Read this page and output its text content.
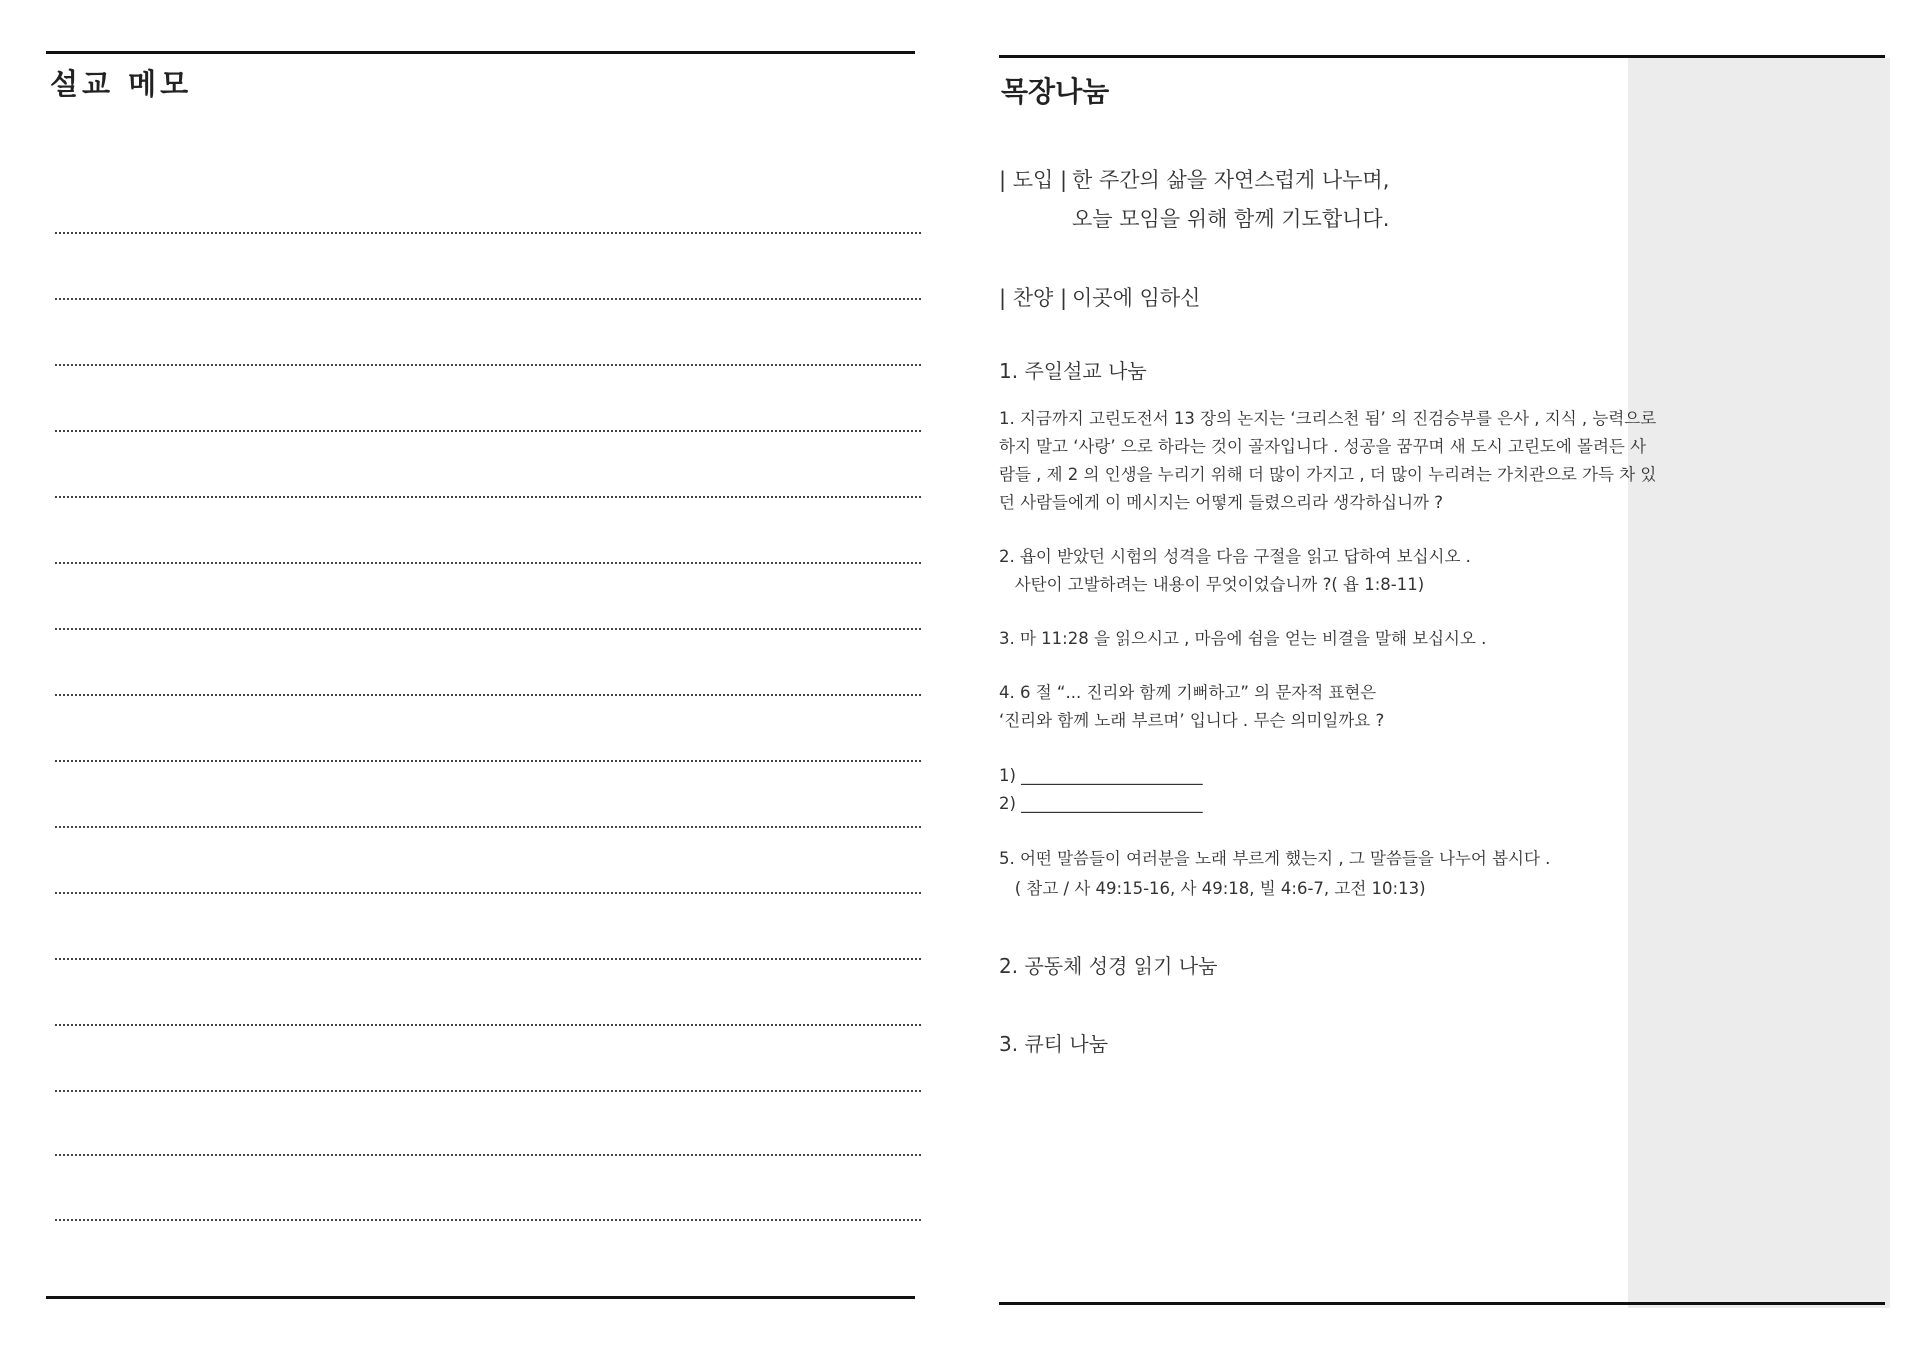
설교 메모	목장나눔
| 도입 | 한 주간의 삶을 자연스럽게 나누며,
오늘 모임을 위해 함께 기도합니다.
| 찬양 | 이곳에 임하신
1. 주일설교 나눔
1. 지금까지 고린도전서 13 장의 논지는 ‘크리스천 됨’ 의 진검승부를 은사 , 지식 , 능력으로
하지 말고 ‘사랑’ 으로 하라는 것이 골자입니다 . 성공을 꿈꾸며 새 도시 고린도에 몰려든 사
람들 , 제 2 의 인생을 누리기 위해 더 많이 가지고 , 더 많이 누리려는 가치관으로 가득 차 있
던 사람들에게 이 메시지는 어떻게 들렸으리라 생각하십니까 ?
2. 욥이 받았던 시험의 성격을 다음 구절을 읽고 답하여 보십시오 .
사탄이 고발하려는 내용이 무엇이었습니까 ?( 욥 1:8-11)
3. 마 11:28 을 읽으시고 , 마음에 쉼을 얻는 비결을 말해 보십시오 .
4. 6 절 “... 진리와 함께 기뻐하고” 의 문자적 표현은
‘진리와 함께 노래 부르며’ 입니다 . 무슨 의미일까요 ?
1) ______________________
2) ______________________
5. 어떤 말씀들이 여러분을 노래 부르게 했는지 , 그 말씀들을 나누어 봅시다 .
( 참고 / 사 49:15-16, 사 49:18, 빌 4:6-7, 고전 10:13)
2. 공동체 성경 읽기 나눔
3. 큐티 나눔
